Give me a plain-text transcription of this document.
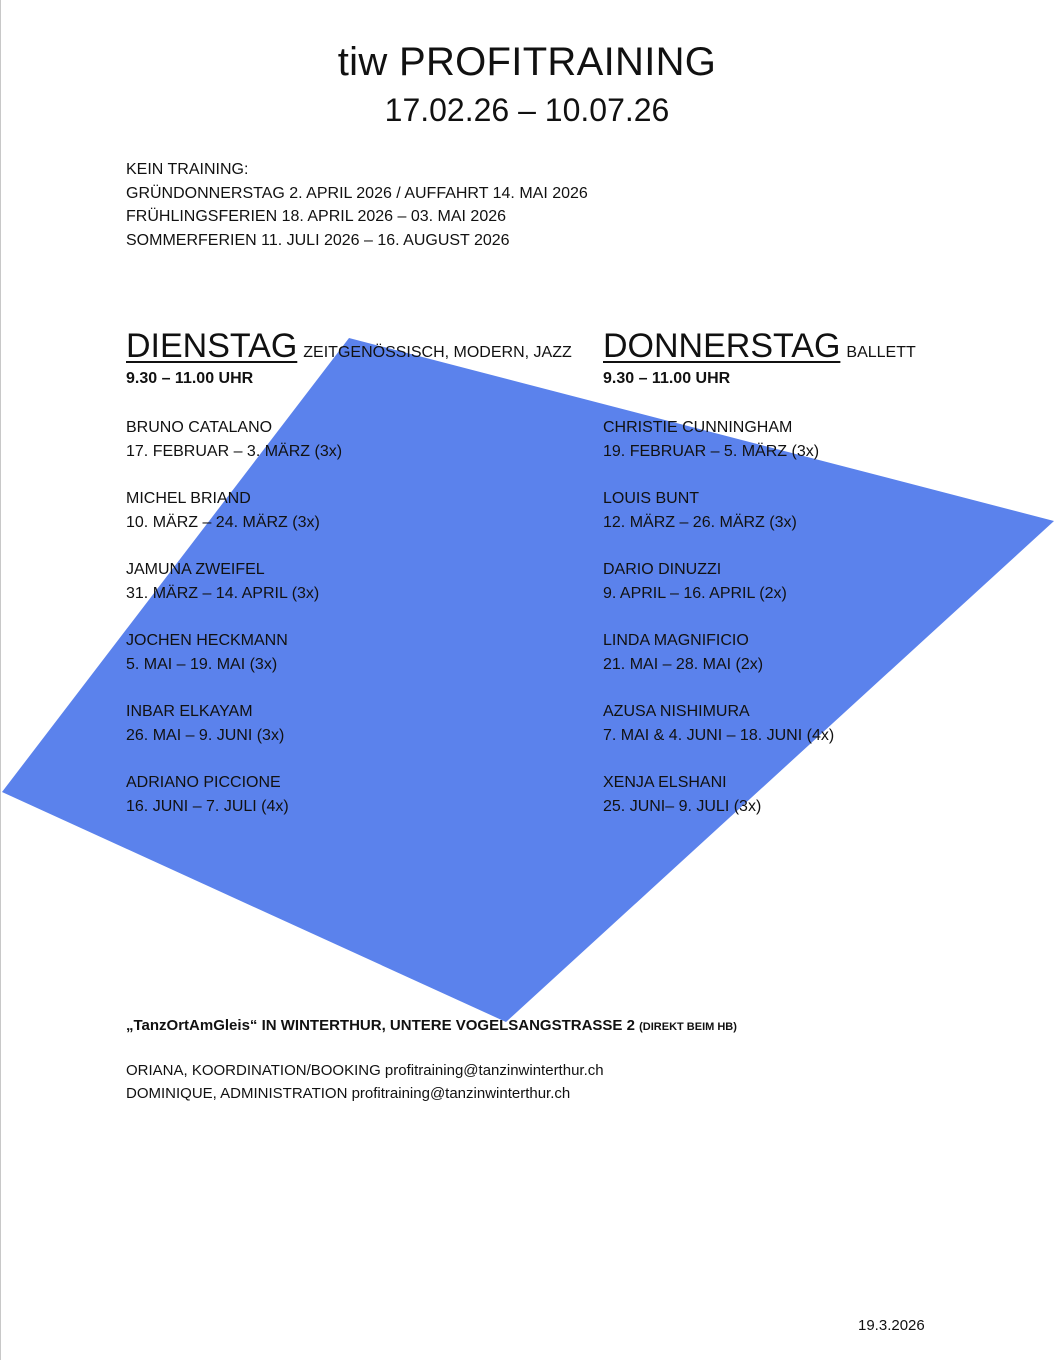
tiw PROFITRAINING
17.02.26 – 10.07.26
KEIN TRAINING:
GRÜNDONNERSTAG 2. APRIL 2026 / AUFFAHRT 14. MAI 2026
FRÜHLINGSFERIEN 18. APRIL 2026 – 03. MAI 2026
SOMMERFERIEN 11. JULI 2026 – 16. AUGUST 2026
DIENSTAG ZEITGENÖSSISCH, MODERN, JAZZ
9.30 – 11.00 UHR
BRUNO CATALANO
17. FEBRUAR – 3. MÄRZ (3x)
MICHEL BRIAND
10. MÄRZ – 24. MÄRZ (3x)
JAMUNA ZWEIFEL
31. MÄRZ – 14. APRIL (3x)
JOCHEN HECKMANN
5. MAI – 19. MAI (3x)
INBAR ELKAYAM
26. MAI – 9. JUNI (3x)
ADRIANO PICCIONE
16. JUNI – 7. JULI (4x)
DONNERSTAG BALLETT
9.30 – 11.00 UHR
CHRISTIE CUNNINGHAM
19. FEBRUAR – 5. MÄRZ (3x)
LOUIS BUNT
12. MÄRZ – 26. MÄRZ (3x)
DARIO DINUZZI
9. APRIL – 16. APRIL (2x)
LINDA MAGNIFICIO
21. MAI – 28. MAI (2x)
AZUSA NISHIMURA
7. MAI & 4. JUNI – 18. JUNI (4x)
XENJA ELSHANI
25. JUNI– 9. JULI (3x)
„TanzOrtAmGleis“ IN WINTERTHUR, UNTERE VOGELSANGSTRASSE 2 (DIREKT BEIM HB)
ORIANA, KOORDINATION/BOOKING profitraining@tanzinwinterthur.ch
DOMINIQUE, ADMINISTRATION profitraining@tanzinwinterthur.ch
19.3.2026
